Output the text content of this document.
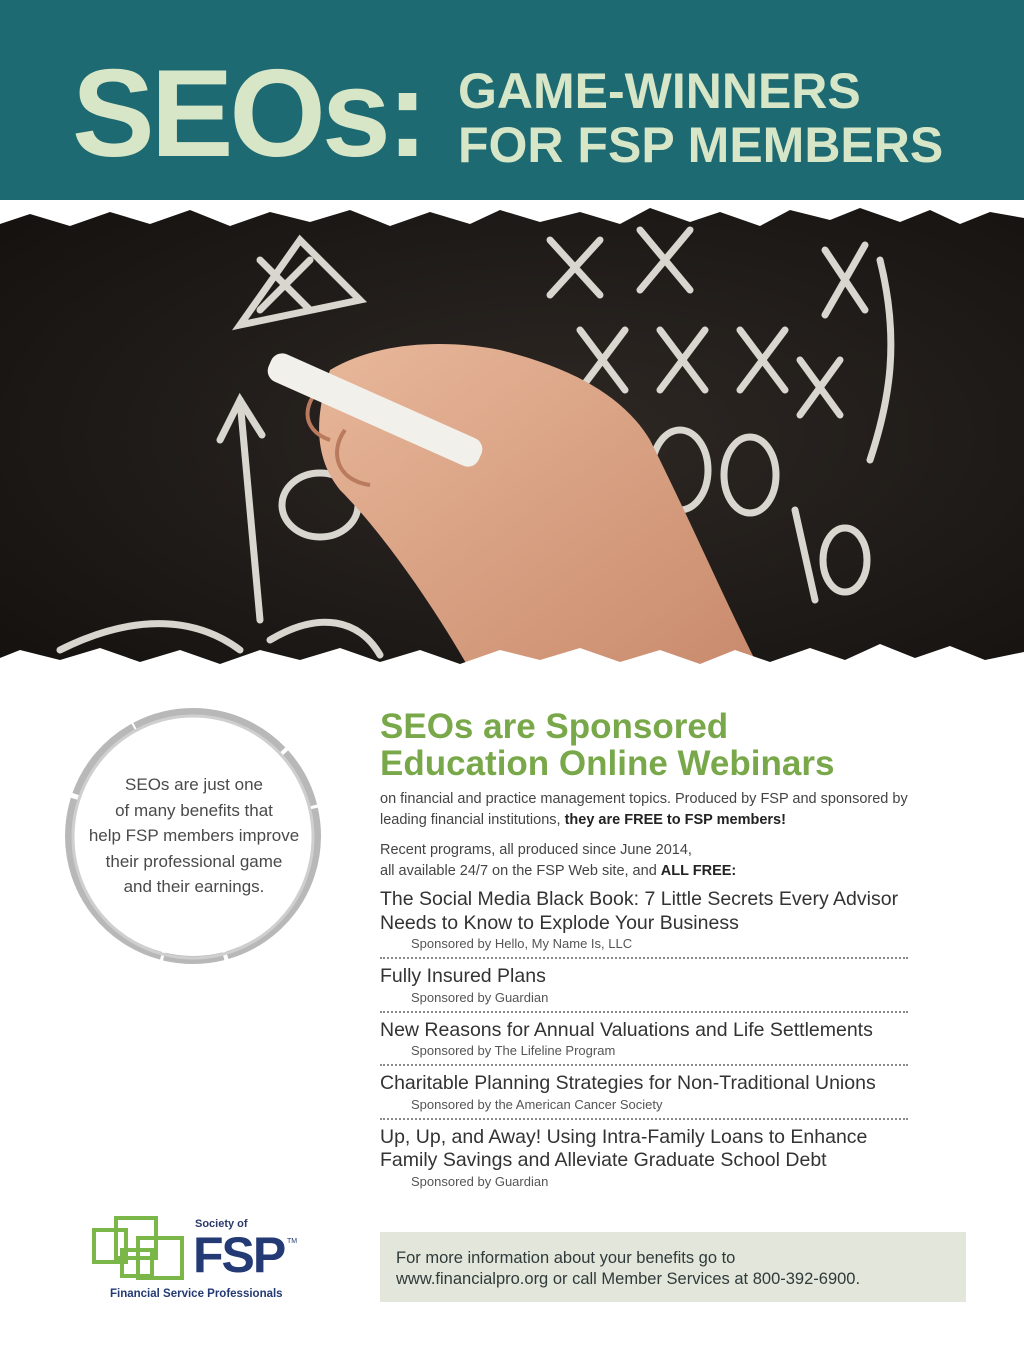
SEOs: GAME-WINNERS
FOR FSP MEMBERS
SEOs are just one
of many benefits that
help FSP members improve
their professional game
and their earnings.
SEOs are Sponsored
Education Online Webinars
on financial and practice management topics. Produced by FSP and sponsored by leading financial institutions, they are FREE to FSP members!
Recent programs, all produced since June 2014,
all available 24/7 on the FSP Web site, and ALL FREE:
The Social Media Black Book: 7 Little Secrets Every Advisor Needs to Know to Explode Your Business
Sponsored by Hello, My Name Is, LLC
Fully Insured Plans
Sponsored by Guardian
New Reasons for Annual Valuations and Life Settlements
Sponsored by The Lifeline Program
Charitable Planning Strategies for Non-Traditional Unions
Sponsored by the American Cancer Society
Up, Up, and Away! Using Intra-Family Loans to Enhance Family Savings and Alleviate Graduate School Debt
Sponsored by Guardian
Society of
FSP TM
Financial Service Professionals

For more information about your benefits go to
www.financialpro.org or call Member Services at 800-392-6900.
